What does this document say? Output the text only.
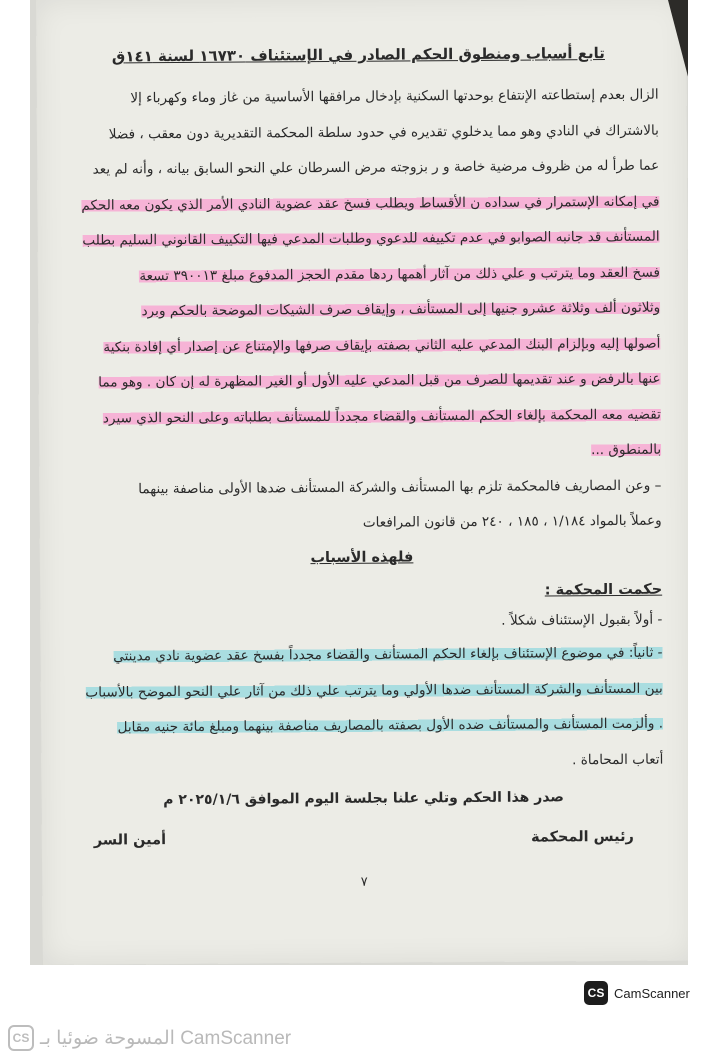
تابع أسباب ومنطوق الحكم الصادر في الإستئناف ١٦٧٣٠ لسنة ١٤١ق
الزال بعدم إستطاعته الإنتفاع بوحدتها السكنية بإدخال مرافقها الأساسية من غاز وماء وكهرباء إلا
بالاشتراك في النادي وهو مما يدخلوي تقديره في حدود سلطة المحكمة التقديرية دون معقب ، فضلا
عما طرأ له من ظروف مرضية خاصة و ر بزوجته مرض السرطان علي النحو السابق بيانه ، وأنه لم يعد
في إمكانه الإستمرار في سداده ن الأقساط ويطلب فسخ عقد عضوية النادي الأمر الذي يكون معه الحكم
المستأنف قد جانبه الصوابو في عدم تكييفه للدعوي وطلبات المدعي فيها التكييف القانوني السليم بطلب
فسخ العقد وما يترتب و علي ذلك من آثار أهمها ردها مقدم الحجز المدفوع مبلغ ٣٩٠٠١٣ تسعة
وثلاثون ألف وثلاثة عشرو جنيها إلى المستأنف ، وإيقاف صرف الشيكات الموضحة بالحكم وبرد
أصولها إليه وبإلزام البنك المدعي عليه الثاني بصفته بإيقاف صرفها والإمتناع عن إصدار أي إفادة بنكية
عنها بالرفض و عند تقديمها للصرف من قبل المدعي عليه الأول أو الغير المظهرة له إن كان . وهو مما
تقضيه معه المحكمة بإلغاء الحكم المستأنف والقضاء مجدداً للمستأنف بطلباته وعلى النحو الذي سيرد
بالمنطوق ...
– وعن المصاريف فالمحكمة تلزم بها المستأنف والشركة المستأنف ضدها الأولى مناصفة بينهما
وعملاً بالمواد ١/١٨٤ ، ١٨٥ ، ٢٤٠ من قانون المرافعات
فلهذه الأسباب
حكمت المحكمة :
- أولاً بقبول الإستئناف شكلاً .
- ثانياً: في موضوع الإستئناف بإلغاء الحكم المستأنف والقضاء مجدداً بفسخ عقد عضوية نادي مدينتي
بين المستأنف والشركة المستأنف ضدها الأولي وما يترتب علي ذلك من آثار علي النحو الموضح بالأسباب
. وألزمت المستأنف والمستأنف ضده الأول بصفته بالمصاريف مناصفة بينهما ومبلغ مائة جنيه مقابل
أتعاب المحاماة .
صدر هذا الحكم وتلي علنا بجلسة اليوم الموافق ٢٠٢٥/١/٦ م
رئيس المحكمة
أمين السر
٧
CS CamScanner
CS المسوحة ضوئيا بـ CamScanner
